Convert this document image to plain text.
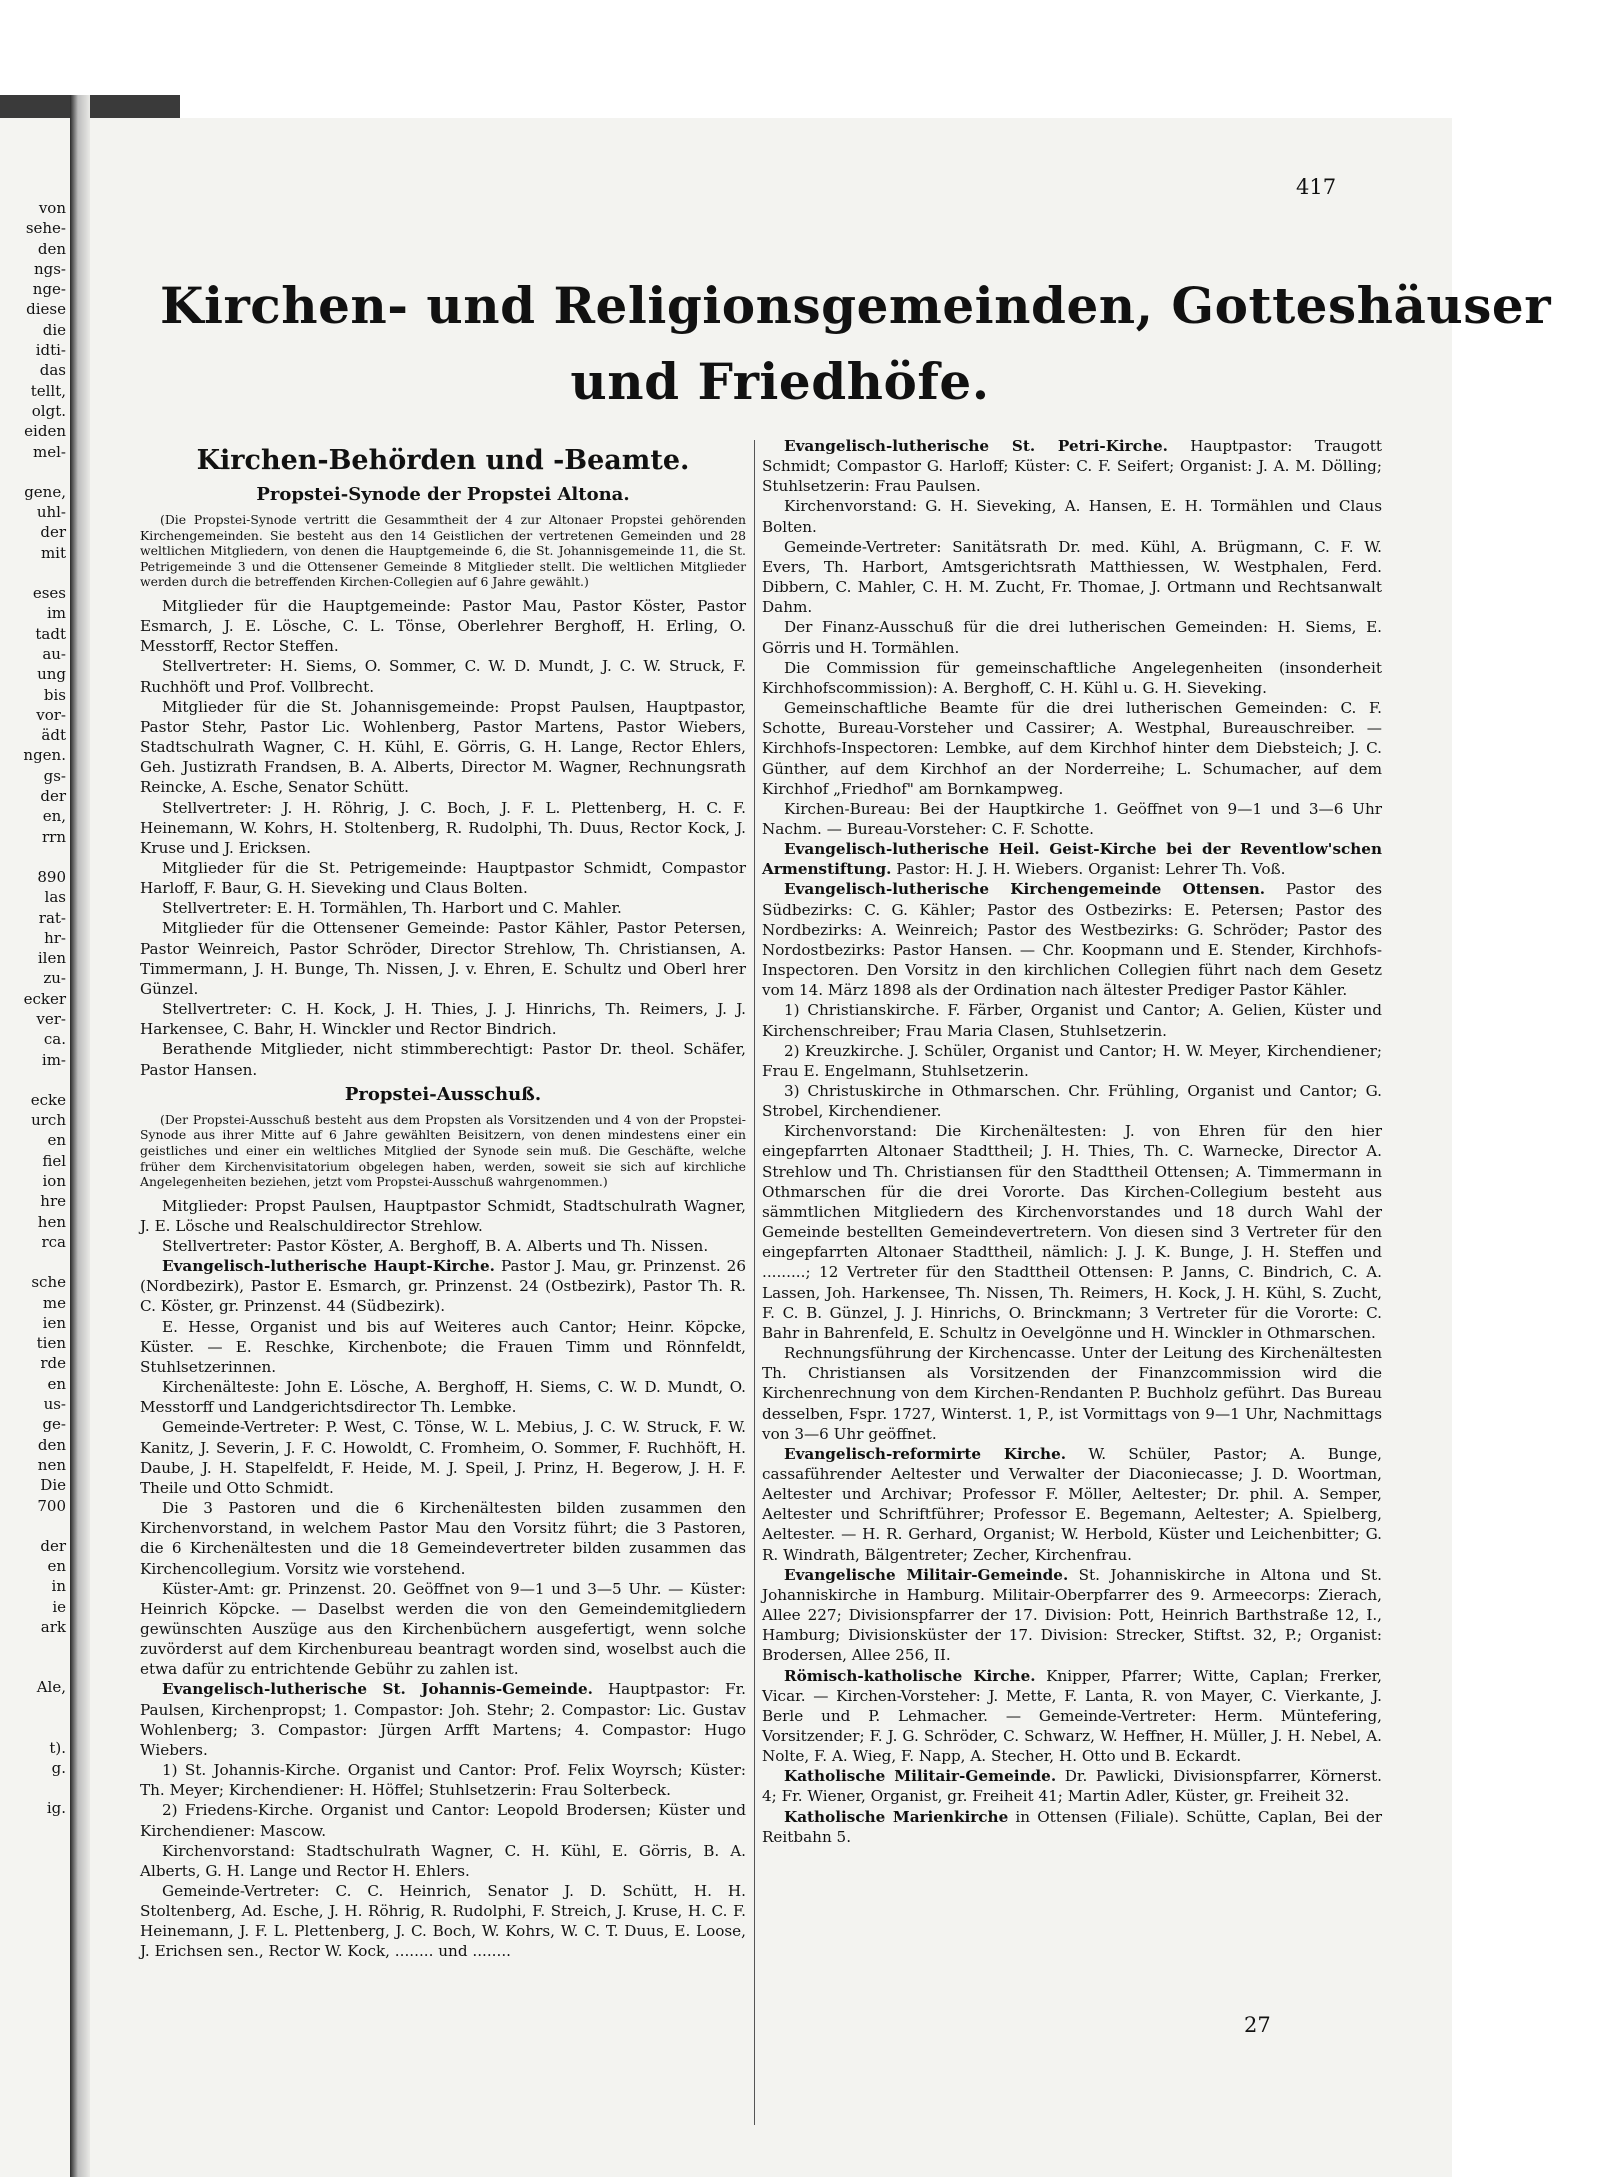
von
sehe-
den
ngs-
nge-
diese
die
idti-
das
tellt,
olgt.
eiden
mel-
gene,
uhl-
der
mit
eses
im
tadt
au-
ung
bis
vor-
ädt
ngen.
gs-
der
en,
rrn
890
las
rat-
hr-
ilen
zu-
ecker
ver-
ca.
im-
ecke
urch
en
fiel
ion
hre
hen
rca
sche
me
ien
tien
rde
en
us-
ge-
den
nen
Die
700
der
en
in
ie
ark
Ale,
t).
g.
ig.
417
Kirchen- und Religionsgemeinden, Gotteshäuser
und Friedhöfe.
Kirchen-Behörden und -Beamte.
Propstei-Synode der Propstei Altona.

(Die Propstei-Synode vertritt die Gesammtheit der 4 zur Altonaer Propstei gehörenden Kirchengemeinden. Sie besteht aus den 14 Geistlichen der vertretenen Gemeinden und 28 weltlichen Mitgliedern, von denen die Hauptgemeinde 6, die St. Johannisgemeinde 11, die St. Petrigemeinde 3 und die Ottensener Gemeinde 8 Mitglieder stellt. Die weltlichen Mitglieder werden durch die betreffenden Kirchen-Collegien auf 6 Jahre gewählt.)

Mitglieder für die Hauptgemeinde: Pastor Mau, Pastor Köster, Pastor Esmarch, J. E. Lösche, C. L. Tönse, Oberlehrer Berghoff, H. Erling, O. Messtorff, Rector Steffen.

Stellvertreter: H. Siems, O. Sommer, C. W. D. Mundt, J. C. W. Struck, F. Ruchhöft und Prof. Vollbrecht.

Mitglieder für die St. Johannisgemeinde: Propst Paulsen, Hauptpastor, Pastor Stehr, Pastor Lic. Wohlenberg, Pastor Martens, Pastor Wiebers, Stadtschulrath Wagner, C. H. Kühl, E. Görris, G. H. Lange, Rector Ehlers, Geh. Justizrath Frandsen, B. A. Alberts, Director M. Wagner, Rechnungsrath Reincke, A. Esche, Senator Schütt.

Stellvertreter: J. H. Röhrig, J. C. Boch, J. F. L. Plettenberg, H. C. F. Heinemann, W. Kohrs, H. Stoltenberg, R. Rudolphi, Th. Duus, Rector Kock, J. Kruse und J. Ericksen.

Mitglieder für die St. Petrigemeinde: Hauptpastor Schmidt, Compastor Harloff, F. Baur, G. H. Sieveking und Claus Bolten.

Stellvertreter: E. H. Tormählen, Th. Harbort und C. Mahler.

Mitglieder für die Ottensener Gemeinde: Pastor Kähler, Pastor Petersen, Pastor Weinreich, Pastor Schröder, Director Strehlow, Th. Christiansen, A. Timmermann, J. H. Bunge, Th. Nissen, J. v. Ehren, E. Schultz und Oberl hrer Günzel.

Stellvertreter: C. H. Kock, J. H. Thies, J. J. Hinrichs, Th. Reimers, J. J. Harkensee, C. Bahr, H. Winckler und Rector Bindrich.

Berathende Mitglieder, nicht stimmberechtigt: Pastor Dr. theol. Schäfer, Pastor Hansen.

Propstei-Ausschuß.

(Der Propstei-Ausschuß besteht aus dem Propsten als Vorsitzenden und 4 von der Propstei-Synode aus ihrer Mitte auf 6 Jahre gewählten Beisitzern, von denen mindestens einer ein geistliches und einer ein weltliches Mitglied der Synode sein muß. Die Geschäfte, welche früher dem Kirchenvisitatorium obgelegen haben, werden, soweit sie sich auf kirchliche Angelegenheiten beziehen, jetzt vom Propstei-Ausschuß wahrgenommen.)

Mitglieder: Propst Paulsen, Hauptpastor Schmidt, Stadtschulrath Wagner, J. E. Lösche und Realschuldirector Strehlow.

Stellvertreter: Pastor Köster, A. Berghoff, B. A. Alberts und Th. Nissen.

Evangelisch-lutherische Haupt-Kirche. Pastor J. Mau, gr. Prinzenst. 26 (Nordbezirk), Pastor E. Esmarch, gr. Prinzenst. 24 (Ostbezirk), Pastor Th. R. C. Köster, gr. Prinzenst. 44 (Südbezirk).

E. Hesse, Organist und bis auf Weiteres auch Cantor; Heinr. Köpcke, Küster. — E. Reschke, Kirchenbote; die Frauen Timm und Rönnfeldt, Stuhlsetzerinnen.

Kirchenälteste: John E. Lösche, A. Berghoff, H. Siems, C. W. D. Mundt, O. Messtorff und Landgerichtsdirector Th. Lembke.

Gemeinde-Vertreter: P. West, C. Tönse, W. L. Mebius, J. C. W. Struck, F. W. Kanitz, J. Severin, J. F. C. Howoldt, C. Fromheim, O. Sommer, F. Ruchhöft, H. Daube, J. H. Stapelfeldt, F. Heide, M. J. Speil, J. Prinz, H. Begerow, J. H. F. Theile und Otto Schmidt.

Die 3 Pastoren und die 6 Kirchenältesten bilden zusammen den Kirchenvorstand, in welchem Pastor Mau den Vorsitz führt; die 3 Pastoren, die 6 Kirchenältesten und die 18 Gemeindevertreter bilden zusammen das Kirchencollegium. Vorsitz wie vorstehend.

Küster-Amt: gr. Prinzenst. 20. Geöffnet von 9—1 und 3—5 Uhr. — Küster: Heinrich Köpcke. — Daselbst werden die von den Gemeindemitgliedern gewünschten Auszüge aus den Kirchenbüchern ausgefertigt, wenn solche zuvörderst auf dem Kirchenbureau beantragt worden sind, woselbst auch die etwa dafür zu entrichtende Gebühr zu zahlen ist.

Evangelisch-lutherische St. Johannis-Gemeinde. Hauptpastor: Fr. Paulsen, Kirchenpropst; 1. Compastor: Joh. Stehr; 2. Compastor: Lic. Gustav Wohlenberg; 3. Compastor: Jürgen Arfft Martens; 4. Compastor: Hugo Wiebers.

1) St. Johannis-Kirche. Organist und Cantor: Prof. Felix Woyrsch; Küster: Th. Meyer; Kirchendiener: H. Höffel; Stuhlsetzerin: Frau Solterbeck.

2) Friedens-Kirche. Organist und Cantor: Leopold Brodersen; Küster und Kirchendiener: Mascow.

Kirchenvorstand: Stadtschulrath Wagner, C. H. Kühl, E. Görris, B. A. Alberts, G. H. Lange und Rector H. Ehlers.

Gemeinde-Vertreter: C. C. Heinrich, Senator J. D. Schütt, H. H. Stoltenberg, Ad. Esche, J. H. Röhrig, R. Rudolphi, F. Streich, J. Kruse, H. C. F. Heinemann, J. F. L. Plettenberg, J. C. Boch, W. Kohrs, W. C. T. Duus, E. Loose, J. Erichsen sen., Rector W. Kock, ........ und ........

Evangelisch-lutherische St. Petri-Kirche. Hauptpastor: Traugott Schmidt; Compastor G. Harloff; Küster: C. F. Seifert; Organist: J. A. M. Dölling; Stuhlsetzerin: Frau Paulsen.

Kirchenvorstand: G. H. Sieveking, A. Hansen, E. H. Tormählen und Claus Bolten.

Gemeinde-Vertreter: Sanitätsrath Dr. med. Kühl, A. Brügmann, C. F. W. Evers, Th. Harbort, Amtsgerichtsrath Matthiessen, W. Westphalen, Ferd. Dibbern, C. Mahler, C. H. M. Zucht, Fr. Thomae, J. Ortmann und Rechtsanwalt Dahm.

Der Finanz-Ausschuß für die drei lutherischen Gemeinden: H. Siems, E. Görris und H. Tormählen.

Die Commission für gemeinschaftliche Angelegenheiten (insonderheit Kirchhofscommission): A. Berghoff, C. H. Kühl u. G. H. Sieveking.

Gemeinschaftliche Beamte für die drei lutherischen Gemeinden: C. F. Schotte, Bureau-Vorsteher und Cassirer; A. Westphal, Bureauschreiber. — Kirchhofs-Inspectoren: Lembke, auf dem Kirchhof hinter dem Diebsteich; J. C. Günther, auf dem Kirchhof an der Norderreihe; L. Schumacher, auf dem Kirchhof „Friedhof" am Bornkampweg.

Kirchen-Bureau: Bei der Hauptkirche 1. Geöffnet von 9—1 und 3—6 Uhr Nachm. — Bureau-Vorsteher: C. F. Schotte.

Evangelisch-lutherische Heil. Geist-Kirche bei der Reventlow'schen Armenstiftung. Pastor: H. J. H. Wiebers. Organist: Lehrer Th. Voß.

Evangelisch-lutherische Kirchengemeinde Ottensen. Pastor des Südbezirks: C. G. Kähler; Pastor des Ostbezirks: E. Petersen; Pastor des Nordbezirks: A. Weinreich; Pastor des Westbezirks: G. Schröder; Pastor des Nordostbezirks: Pastor Hansen. — Chr. Koopmann und E. Stender, Kirchhofs-Inspectoren. Den Vorsitz in den kirchlichen Collegien führt nach dem Gesetz vom 14. März 1898 als der Ordination nach ältester Prediger Pastor Kähler.

1) Christianskirche. F. Färber, Organist und Cantor; A. Gelien, Küster und Kirchenschreiber; Frau Maria Clasen, Stuhlsetzerin.

2) Kreuzkirche. J. Schüler, Organist und Cantor; H. W. Meyer, Kirchendiener; Frau E. Engelmann, Stuhlsetzerin.

3) Christuskirche in Othmarschen. Chr. Frühling, Organist und Cantor; G. Strobel, Kirchendiener.

Kirchenvorstand: Die Kirchenältesten: J. von Ehren für den hier eingepfarrten Altonaer Stadttheil; J. H. Thies, Th. C. Warnecke, Director A. Strehlow und Th. Christiansen für den Stadttheil Ottensen; A. Timmermann in Othmarschen für die drei Vororte. Das Kirchen-Collegium besteht aus sämmtlichen Mitgliedern des Kirchenvorstandes und 18 durch Wahl der Gemeinde bestellten Gemeindevertretern. Von diesen sind 3 Vertreter für den eingepfarrten Altonaer Stadttheil, nämlich: J. J. K. Bunge, J. H. Steffen und .........; 12 Vertreter für den Stadttheil Ottensen: P. Janns, C. Bindrich, C. A. Lassen, Joh. Harkensee, Th. Nissen, Th. Reimers, H. Kock, J. H. Kühl, S. Zucht, F. C. B. Günzel, J. J. Hinrichs, O. Brinckmann; 3 Vertreter für die Vororte: C. Bahr in Bahrenfeld, E. Schultz in Oevelgönne und H. Winckler in Othmarschen.

Rechnungsführung der Kirchencasse. Unter der Leitung des Kirchenältesten Th. Christiansen als Vorsitzenden der Finanzcommission wird die Kirchenrechnung von dem Kirchen-Rendanten P. Buchholz geführt. Das Bureau desselben, Fspr. 1727, Winterst. 1, P., ist Vormittags von 9—1 Uhr, Nachmittags von 3—6 Uhr geöffnet.

Evangelisch-reformirte Kirche. W. Schüler, Pastor; A. Bunge, cassaführender Aeltester und Verwalter der Diaconiecasse; J. D. Woortman, Aeltester und Archivar; Professor F. Möller, Aeltester; Dr. phil. A. Semper, Aeltester und Schriftführer; Professor E. Begemann, Aeltester; A. Spielberg, Aeltester. — H. R. Gerhard, Organist; W. Herbold, Küster und Leichenbitter; G. R. Windrath, Bälgentreter; Zecher, Kirchenfrau.

Evangelische Militair-Gemeinde. St. Johanniskirche in Altona und St. Johanniskirche in Hamburg. Militair-Oberpfarrer des 9. Armeecorps: Zierach, Allee 227; Divisionspfarrer der 17. Division: Pott, Heinrich Barthstraße 12, I., Hamburg; Divisionsküster der 17. Division: Strecker, Stiftst. 32, P.; Organist: Brodersen, Allee 256, II.

Römisch-katholische Kirche. Knipper, Pfarrer; Witte, Caplan; Frerker, Vicar. — Kirchen-Vorsteher: J. Mette, F. Lanta, R. von Mayer, C. Vierkante, J. Berle und P. Lehmacher. — Gemeinde-Vertreter: Herm. Müntefering, Vorsitzender; F. J. G. Schröder, C. Schwarz, W. Heffner, H. Müller, J. H. Nebel, A. Nolte, F. A. Wieg, F. Napp, A. Stecher, H. Otto und B. Eckardt.

Katholische Militair-Gemeinde. Dr. Pawlicki, Divisionspfarrer, Körnerst. 4; Fr. Wiener, Organist, gr. Freiheit 41; Martin Adler, Küster, gr. Freiheit 32.

Katholische Marienkirche in Ottensen (Filiale). Schütte, Caplan, Bei der Reitbahn 5.

27
